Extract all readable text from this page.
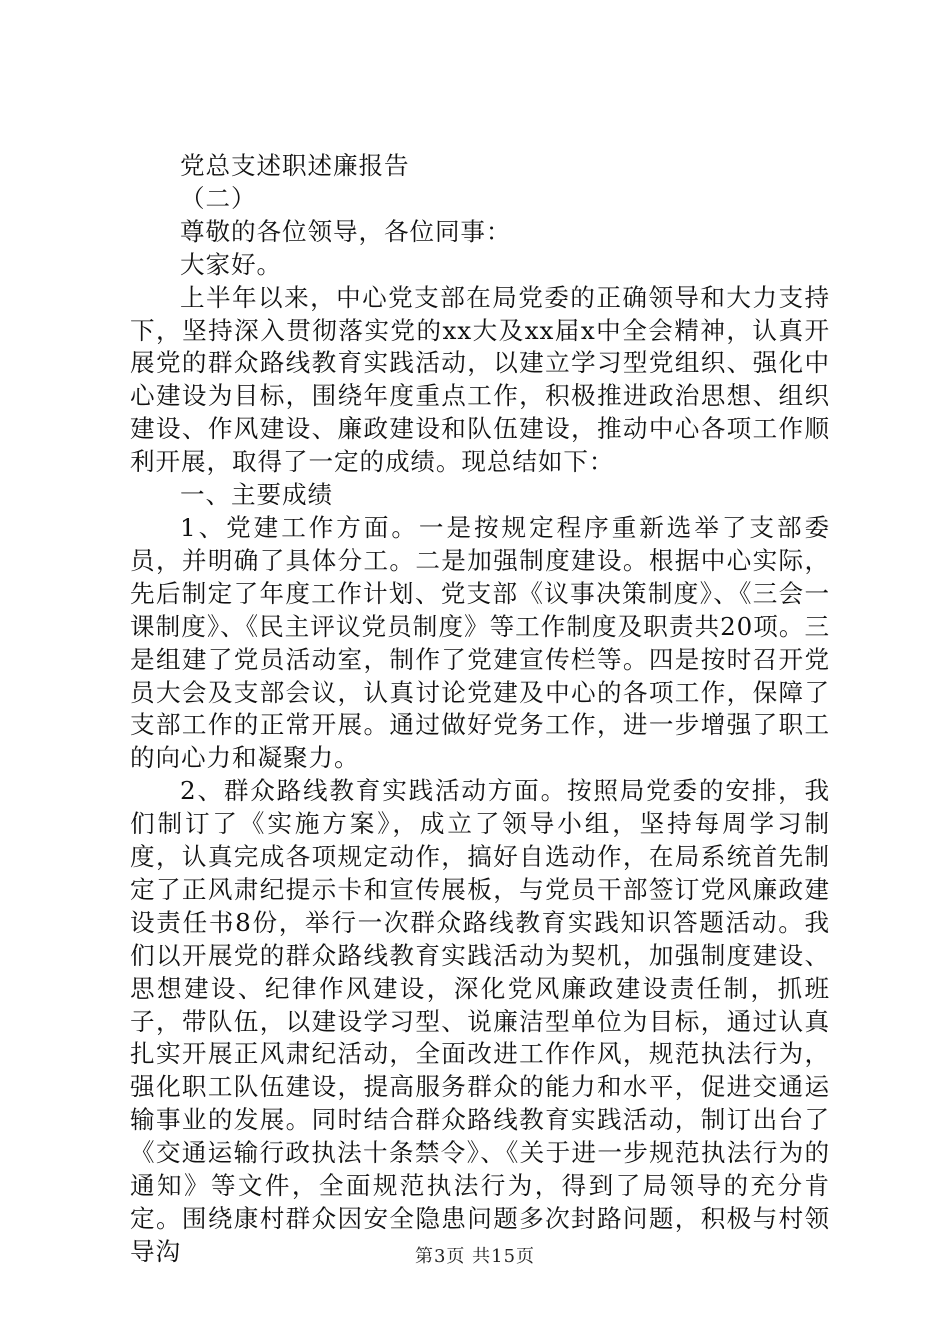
党总支述职述廉报告

（二）

尊敬的各位领导，各位同事：

大家好。

上半年以来，中心党支部在局党委的正确领导和大力支持下，坚持深入贯彻落实党的xx大及xx届x中全会精神，认真开展党的群众路线教育实践活动，以建立学习型党组织、强化中心建设为目标，围绕年度重点工作，积极推进政治思想、组织建设、作风建设、廉政建设和队伍建设，推动中心各项工作顺利开展，取得了一定的成绩。现总结如下：

一、主要成绩

1、党建工作方面。一是按规定程序重新选举了支部委员，并明确了具体分工。二是加强制度建设。根据中心实际，先后制定了年度工作计划、党支部《议事决策制度》、《三会一课制度》、《民主评议党员制度》等工作制度及职责共20项。三是组建了党员活动室，制作了党建宣传栏等。四是按时召开党员大会及支部会议，认真讨论党建及中心的各项工作，保障了支部工作的正常开展。通过做好党务工作，进一步增强了职工的向心力和凝聚力。

2、群众路线教育实践活动方面。按照局党委的安排，我们制订了《实施方案》，成立了领导小组，坚持每周学习制度，认真完成各项规定动作，搞好自选动作，在局系统首先制定了正风肃纪提示卡和宣传展板，与党员干部签订党风廉政建设责任书8份，举行一次群众路线教育实践知识答题活动。我们以开展党的群众路线教育实践活动为契机，加强制度建设、思想建设、纪律作风建设，深化党风廉政建设责任制，抓班子，带队伍，以建设学习型、说廉洁型单位为目标，通过认真扎实开展正风肃纪活动，全面改进工作作风，规范执法行为，强化职工队伍建设，提高服务群众的能力和水平，促进交通运输事业的发展。同时结合群众路线教育实践活动，制订出台了《交通运输行政执法十条禁令》、《关于进一步规范执法行为的通知》等文件，全面规范执法行为，得到了局领导的充分肯定。围绕康村群众因安全隐患问题多次封路问题，积极与村领导沟	第3页 共15页
